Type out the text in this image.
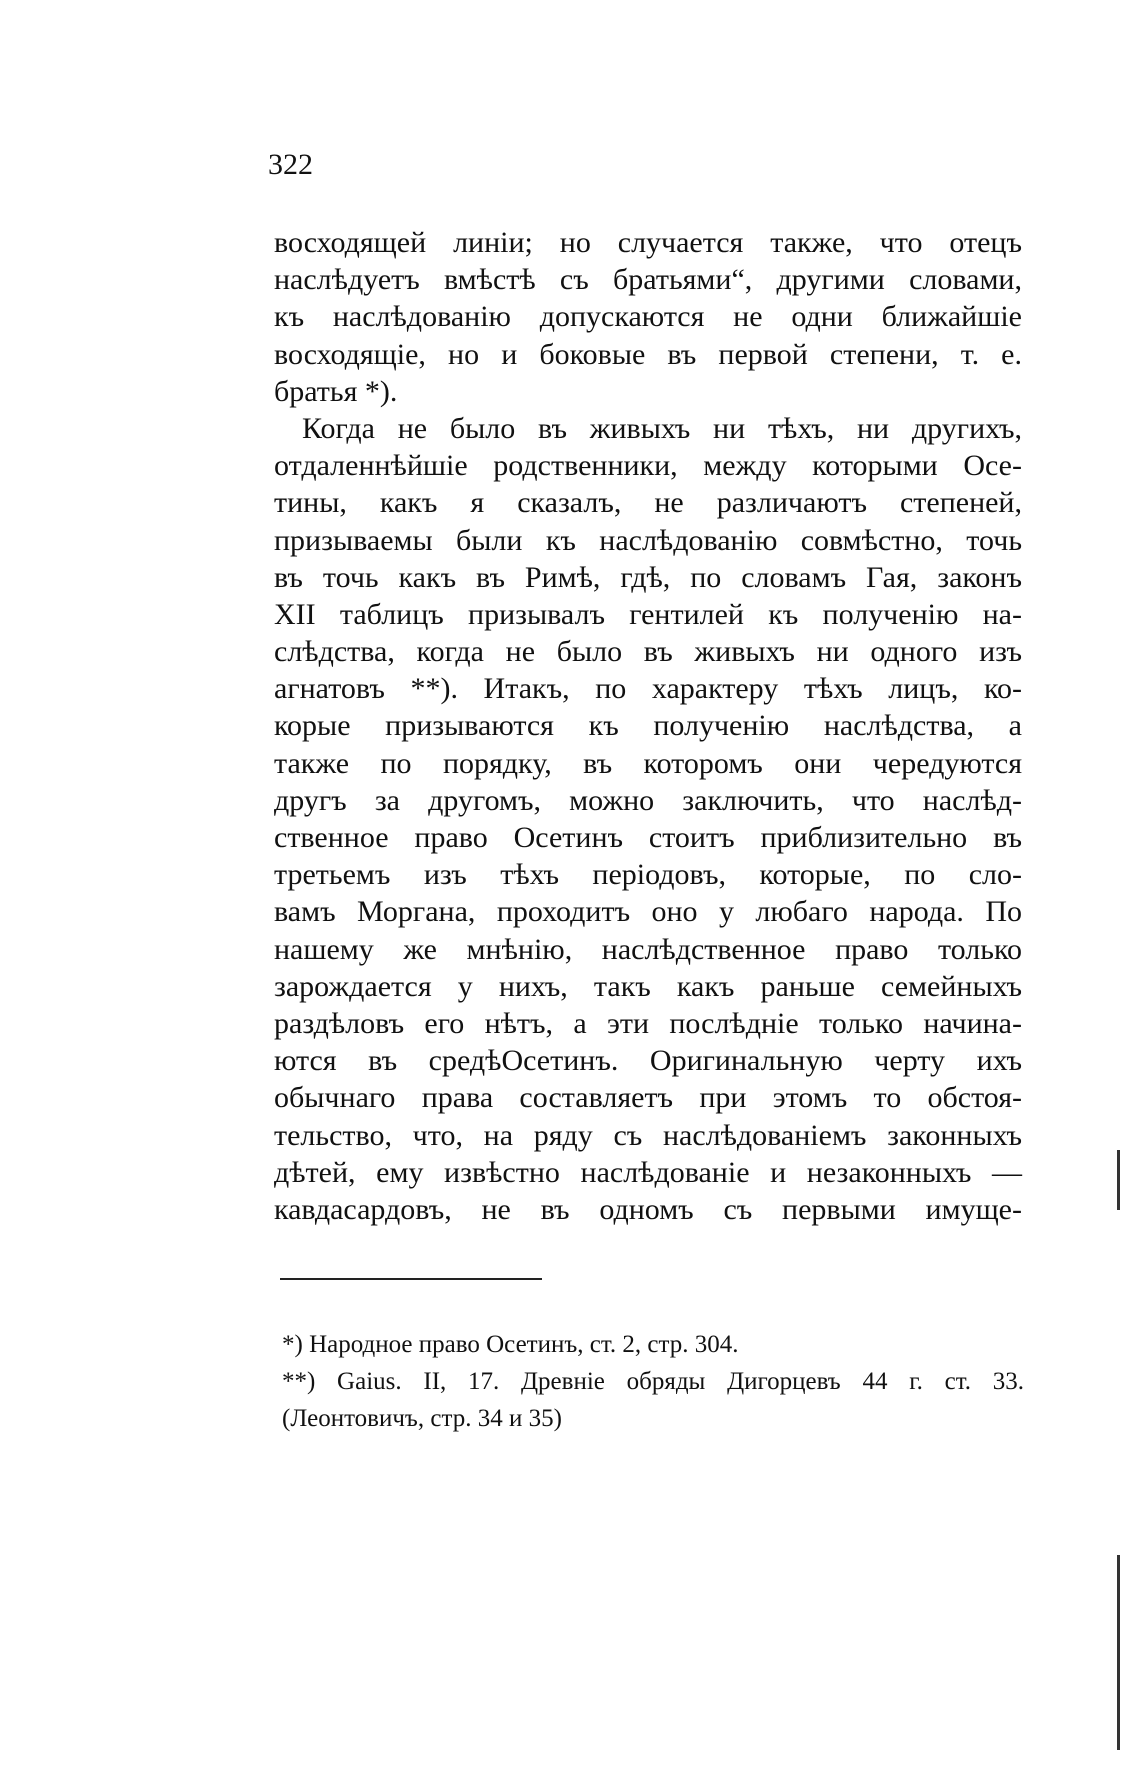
322
восходящей линiи; но случается также, что отецъ
наслѣдуетъ вмѣстѣ съ братьями“, другими словами,
къ наслѣдованiю допускаются не одни ближайшiе
восходящiе, но и боковые въ первой степени, т. е.
братья *).
Когда не было въ живыхъ ни тѣхъ, ни другихъ,
отдаленнѣйшiе родственники, между которыми Осе-
тины, какъ я сказалъ, не различаютъ степеней,
призываемы были къ наслѣдованiю совмѣстно, точь
въ точь какъ въ Римѣ, гдѣ, по словамъ Гая, законъ
XII таблицъ призывалъ гентилей къ полученiю на-
слѣдства, когда не было въ живыхъ ни одного изъ
агнатовъ **). Итакъ, по характеру тѣхъ лицъ, ко-
корые призываются къ полученiю наслѣдства, а
также по порядку, въ которомъ они чередуются
другъ за другомъ, можно заключить, что наслѣд-
ственное право Осетинъ стоитъ приблизительно въ
третьемъ изъ тѣхъ перiодовъ, которые, по сло-
вамъ Моргана, проходитъ оно у любаго народа. По
нашему же мнѣнiю, наслѣдственное право только
зарождается у нихъ, такъ какъ раньше семейныхъ
раздѣловъ его нѣтъ, а эти послѣднiе только начина-
ются въ средѣОсетинъ. Оригинальную черту ихъ
обычнаго права составляетъ при этомъ то обстоя-
тельство, что, на ряду съ наслѣдованiемъ законныхъ
дѣтей, ему извѣстно наслѣдованiе и незаконныхъ —
кавдасардовъ, не въ одномъ съ первыми имуще-
*) Народное право Осетинъ, ст. 2, стр. 304.
**) Gaius. II, 17. Древнiе обряды Дигорцевъ 44 г. ст. 33.
(Леонтовичъ, стр. 34 и 35)
